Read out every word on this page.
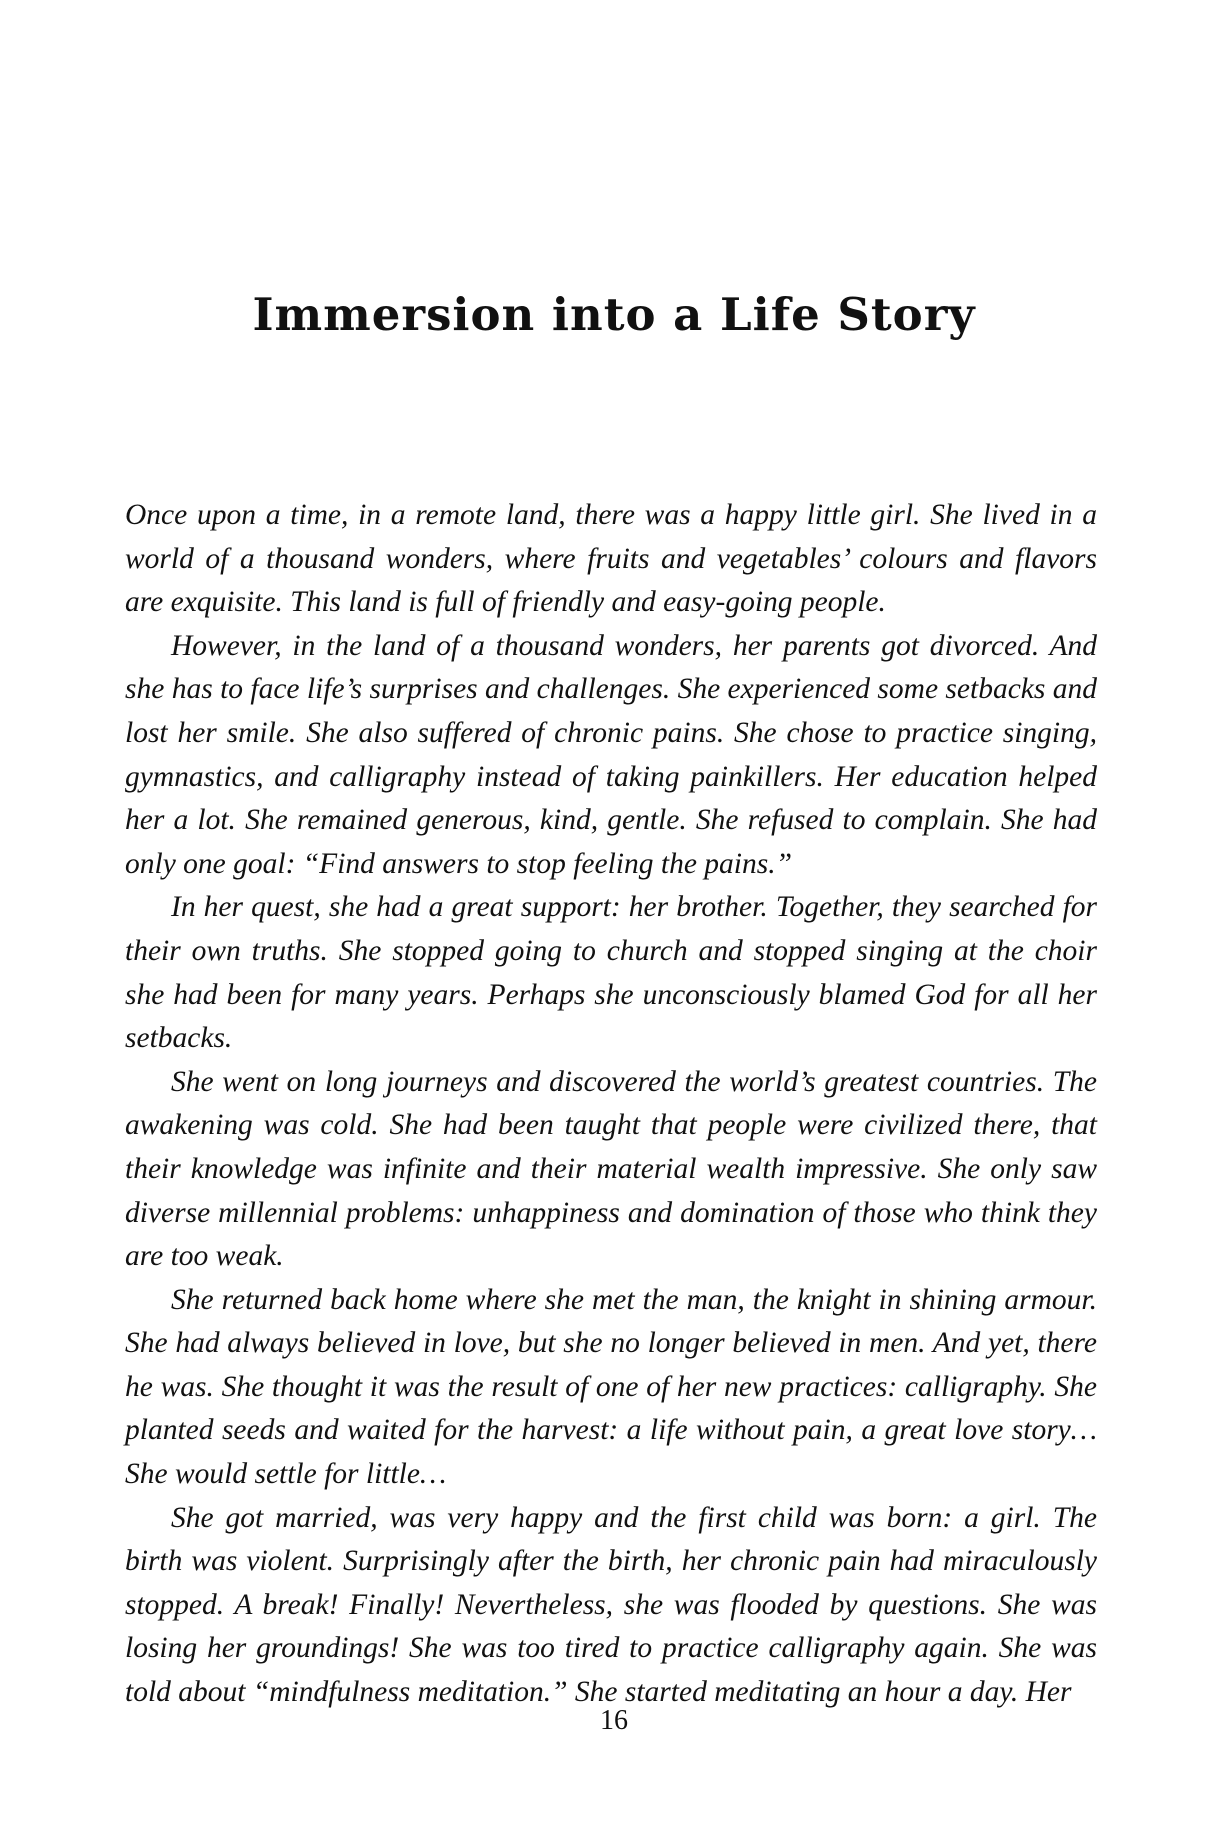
Immersion into a Life Story

Once upon a time, in a remote land, there was a happy little girl. She lived in a world of a thousand wonders, where fruits and vegetables’ colours and flavors are exquisite. This land is full of friendly and easy-going people.

However, in the land of a thousand wonders, her parents got divorced. And she has to face life’s surprises and challenges. She experienced some setbacks and lost her smile. She also suffered of chronic pains. She chose to practice singing, gymnastics, and calligraphy instead of taking painkillers. Her education helped her a lot. She remained generous, kind, gentle. She refused to complain. She had only one goal: “Find answers to stop feeling the pains.”

In her quest, she had a great support: her brother. Together, they searched for their own truths. She stopped going to church and stopped singing at the choir she had been for many years. Perhaps she unconsciously blamed God for all her setbacks.

She went on long journeys and discovered the world’s greatest countries. The awakening was cold. She had been taught that people were civilized there, that their knowledge was infinite and their material wealth impressive. She only saw diverse millennial problems: unhappiness and domination of those who think they are too weak.

She returned back home where she met the man, the knight in shining armour. She had always believed in love, but she no longer believed in men. And yet, there he was. She thought it was the result of one of her new practices: calligraphy. She planted seeds and waited for the harvest: a life without pain, a great love story…She would settle for little…

She got married, was very happy and the first child was born: a girl. The birth was violent. Surprisingly after the birth, her chronic pain had miraculously stopped. A break! Finally! Nevertheless, she was flooded by questions. She was losing her groundings! She was too tired to practice calligraphy again. She was told about “mindfulness meditation.” She started meditating an hour a day. Her

16
